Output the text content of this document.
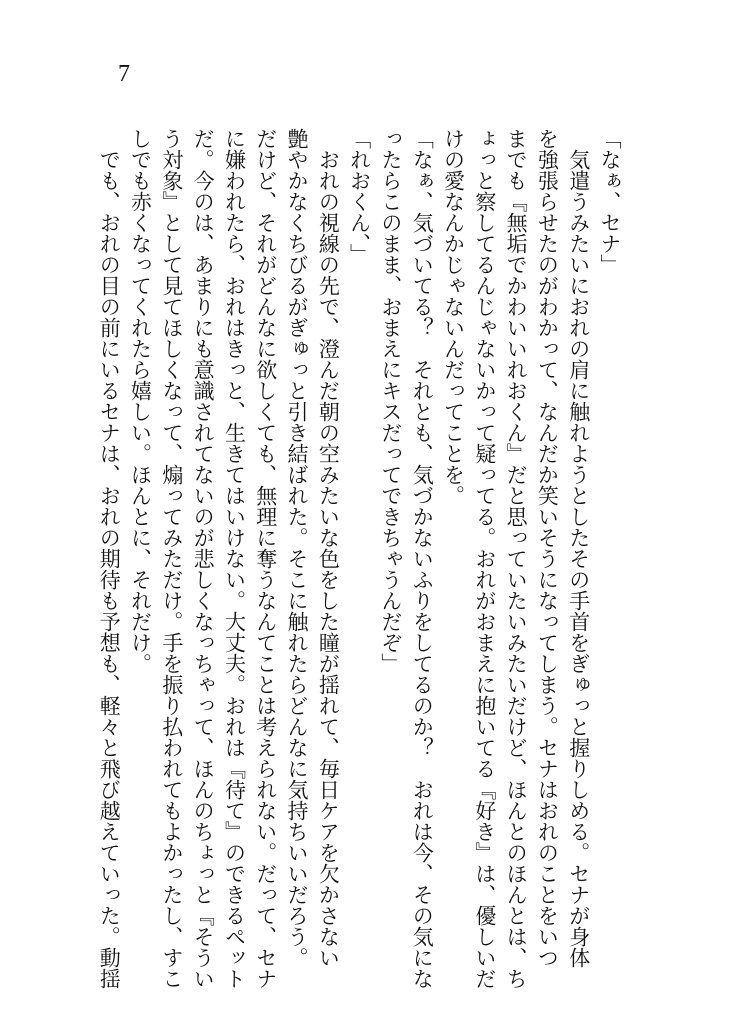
7

「なぁ、セナ」

　気遣うみたいにおれの肩に触れようとしたその手首をぎゅっと握りしめる。セナが身体

を強張らせたのがわかって、なんだか笑いそうになってしまう。セナはおれのことをいつ

までも『無垢でかわいいれおくん』だと思っていたいみたいだけど、ほんとのほんとは、ち

ょっと察してるんじゃないかって疑ってる。おれがおまえに抱いてる『好き』は、優しいだ

けの愛なんかじゃないんだってことを。

「なぁ、気づいてる？　それとも、気づかないふりをしてるのか？　おれは今、その気にな

ったらこのまま、おまえにキスだってできちゃうんだぞ」

「れおくん、」

　おれの視線の先で、澄んだ朝の空みたいな色をした瞳が揺れて、毎日ケアを欠かさない

艶やかなくちびるがぎゅっと引き結ばれた。そこに触れたらどんなに気持ちいいだろう。

だけど、それがどんなに欲しくても、無理に奪うなんてことは考えられない。だって、セナ

に嫌われたら、おれはきっと、生きてはいけない。大丈夫。おれは『待て』のできるペット

だ。今のは、あまりにも意識されてないのが悲しくなっちゃって、ほんのちょっと『そうい

う対象』として見てほしくなって、煽ってみただけ。手を振り払われてもよかったし、すこ

しでも赤くなってくれたら嬉しい。ほんとに、それだけ。

　でも、おれの目の前にいるセナは、おれの期待も予想も、軽々と飛び越えていった。動揺
